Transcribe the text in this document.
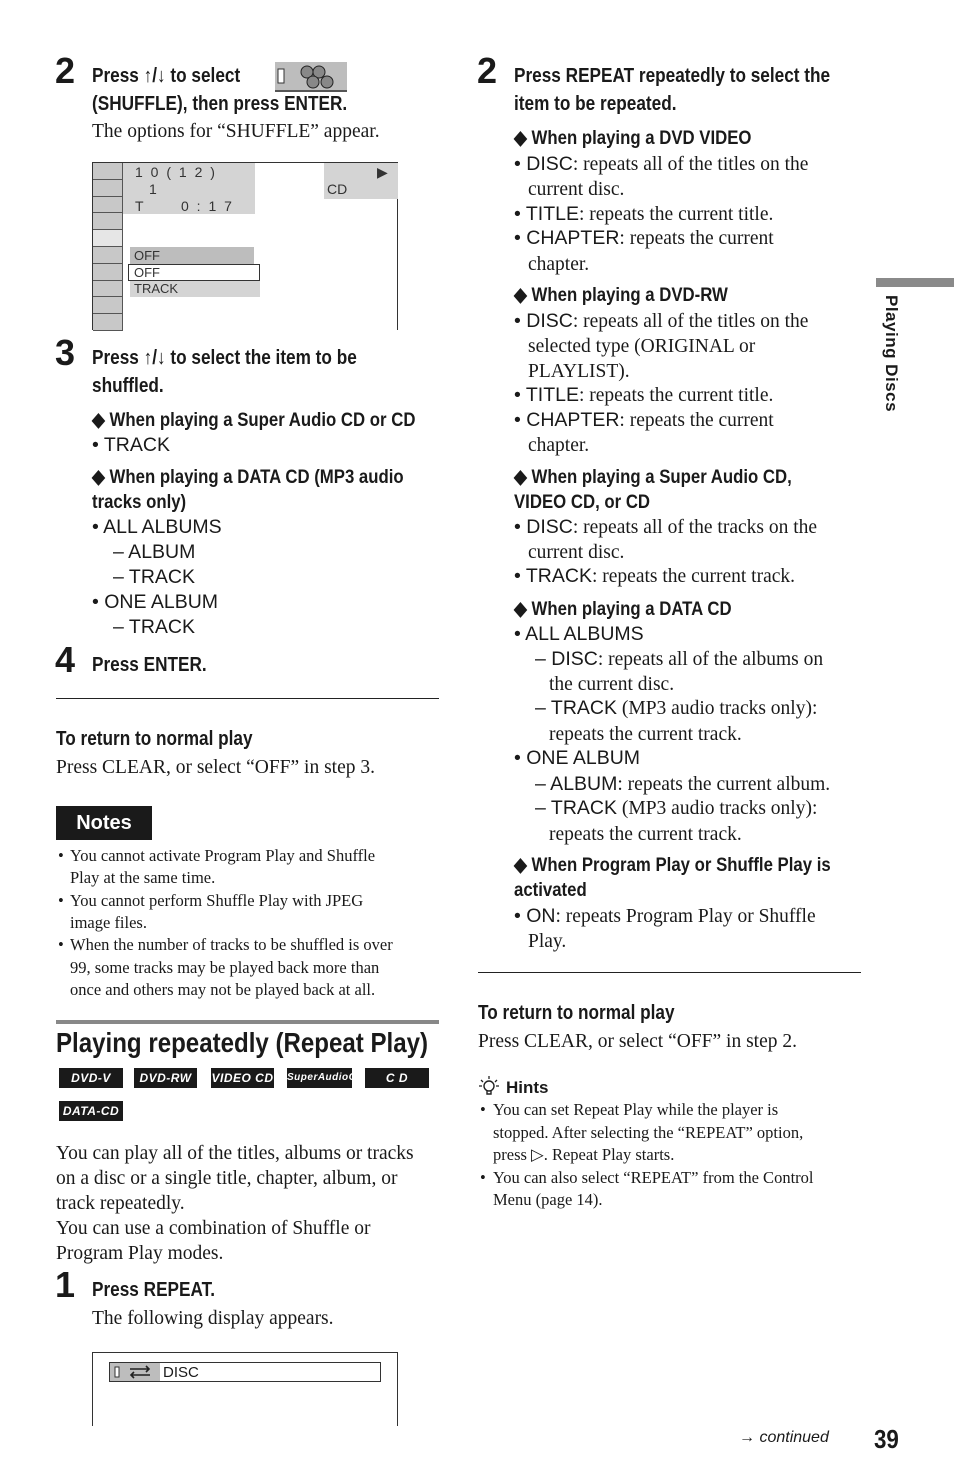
2 Press ↑/↓ to select
(SHUFFLE), then press ENTER.
The options for “SHUFFLE” appear.
1 0 ( 1 2 )
1
T	0 : 1 7
▶
CD
OFF
OFF
TRACK
3 Press ↑/↓ to select the item to be
shuffled.
◆ When playing a Super Audio CD or CD
• TRACK
◆ When playing a DATA CD (MP3 audio
tracks only)
• ALL ALBUMS
– ALBUM
– TRACK
• ONE ALBUM
– TRACK
4 Press ENTER.
To return to normal play
Press CLEAR, or select “OFF” in step 3.
Notes
• You cannot activate Program Play and Shuffle
Play at the same time.
• You cannot perform Shuffle Play with JPEG
image files.
• When the number of tracks to be shuffled is over
99, some tracks may be played back more than
once and others may not be played back at all.
Playing repeatedly (Repeat Play)
DVD-V	DVD-RW	VIDEO CD SuperAudioCD	C D
DATA-CD
You can play all of the titles, albums or tracks
on a disc or a single title, chapter, album, or
track repeatedly.
You can use a combination of Shuffle or
Program Play modes.
1 Press REPEAT.
The following display appears.
DISC
2 Press REPEAT repeatedly to select the
item to be repeated.
◆ When playing a DVD VIDEO
• DISC: repeats all of the titles on the
current disc.
• TITLE: repeats the current title.
• CHAPTER: repeats the current
chapter.
◆ When playing a DVD-RW
• DISC: repeats all of the titles on the
selected type (ORIGINAL or
PLAYLIST).
• TITLE: repeats the current title.
• CHAPTER: repeats the current
chapter.
◆ When playing a Super Audio CD,
VIDEO CD, or CD
• DISC: repeats all of the tracks on the
current disc.
• TRACK: repeats the current track.
◆ When playing a DATA CD
• ALL ALBUMS
– DISC: repeats all of the albums on
the current disc.
– TRACK (MP3 audio tracks only):
repeats the current track.
• ONE ALBUM
– ALBUM: repeats the current album.
– TRACK (MP3 audio tracks only):
repeats the current track.
◆ When Program Play or Shuffle Play is
activated
• ON: repeats Program Play or Shuffle
Play.
To return to normal play
Press CLEAR, or select “OFF” in step 2.
Hints
• You can set Repeat Play while the player is
stopped. After selecting the “REPEAT” option,
press ▷. Repeat Play starts.
• You can also select “REPEAT” from the Control
Menu (page 14).
Playing Discs
→ continued 39
